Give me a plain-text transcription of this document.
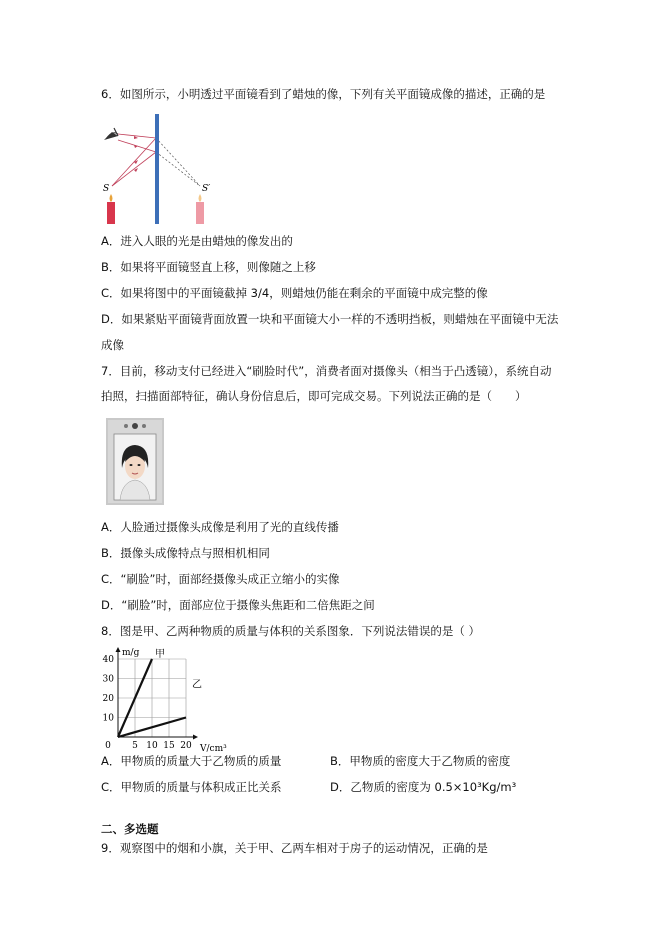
6．如图所示，小明透过平面镜看到了蜡烛的像，下列有关平面镜成像的描述，正确的是
S	S′
A．进入人眼的光是由蜡烛的像发出的
B．如果将平面镜竖直上移，则像随之上移
C．如果将图中的平面镜截掉 3/4，则蜡烛仍能在剩余的平面镜中成完整的像
D．如果紧贴平面镜背面放置一块和平面镜大小一样的不透明挡板，则蜡烛在平面镜中无法
成像
7．目前，移动支付已经进入“刷脸时代”，消费者面对摄像头（相当于凸透镜），系统自动
拍照，扫描面部特征，确认身份信息后，即可完成交易。下列说法正确的是（　　）
A．人脸通过摄像头成像是利用了光的直线传播
B．摄像头成像特点与照相机相同
C．“刷脸”时，面部经摄像头成正立缩小的实像
D．“刷脸”时，面部应位于摄像头焦距和二倍焦距之间
8．图是甲、乙两种物质的质量与体积的关系图象．下列说法错误的是（ ）
0 5 10 15 20
10
20
30
40
V/cm³
m/g 甲
乙
A．甲物质的质量大于乙物质的质量	B．甲物质的密度大于乙物质的密度
C．甲物质的质量与体积成正比关系	D．乙物质的密度为 0.5×10³Kg/m³
二、多选题
9．观察图中的烟和小旗，关于甲、乙两车相对于房子的运动情况，正确的是
